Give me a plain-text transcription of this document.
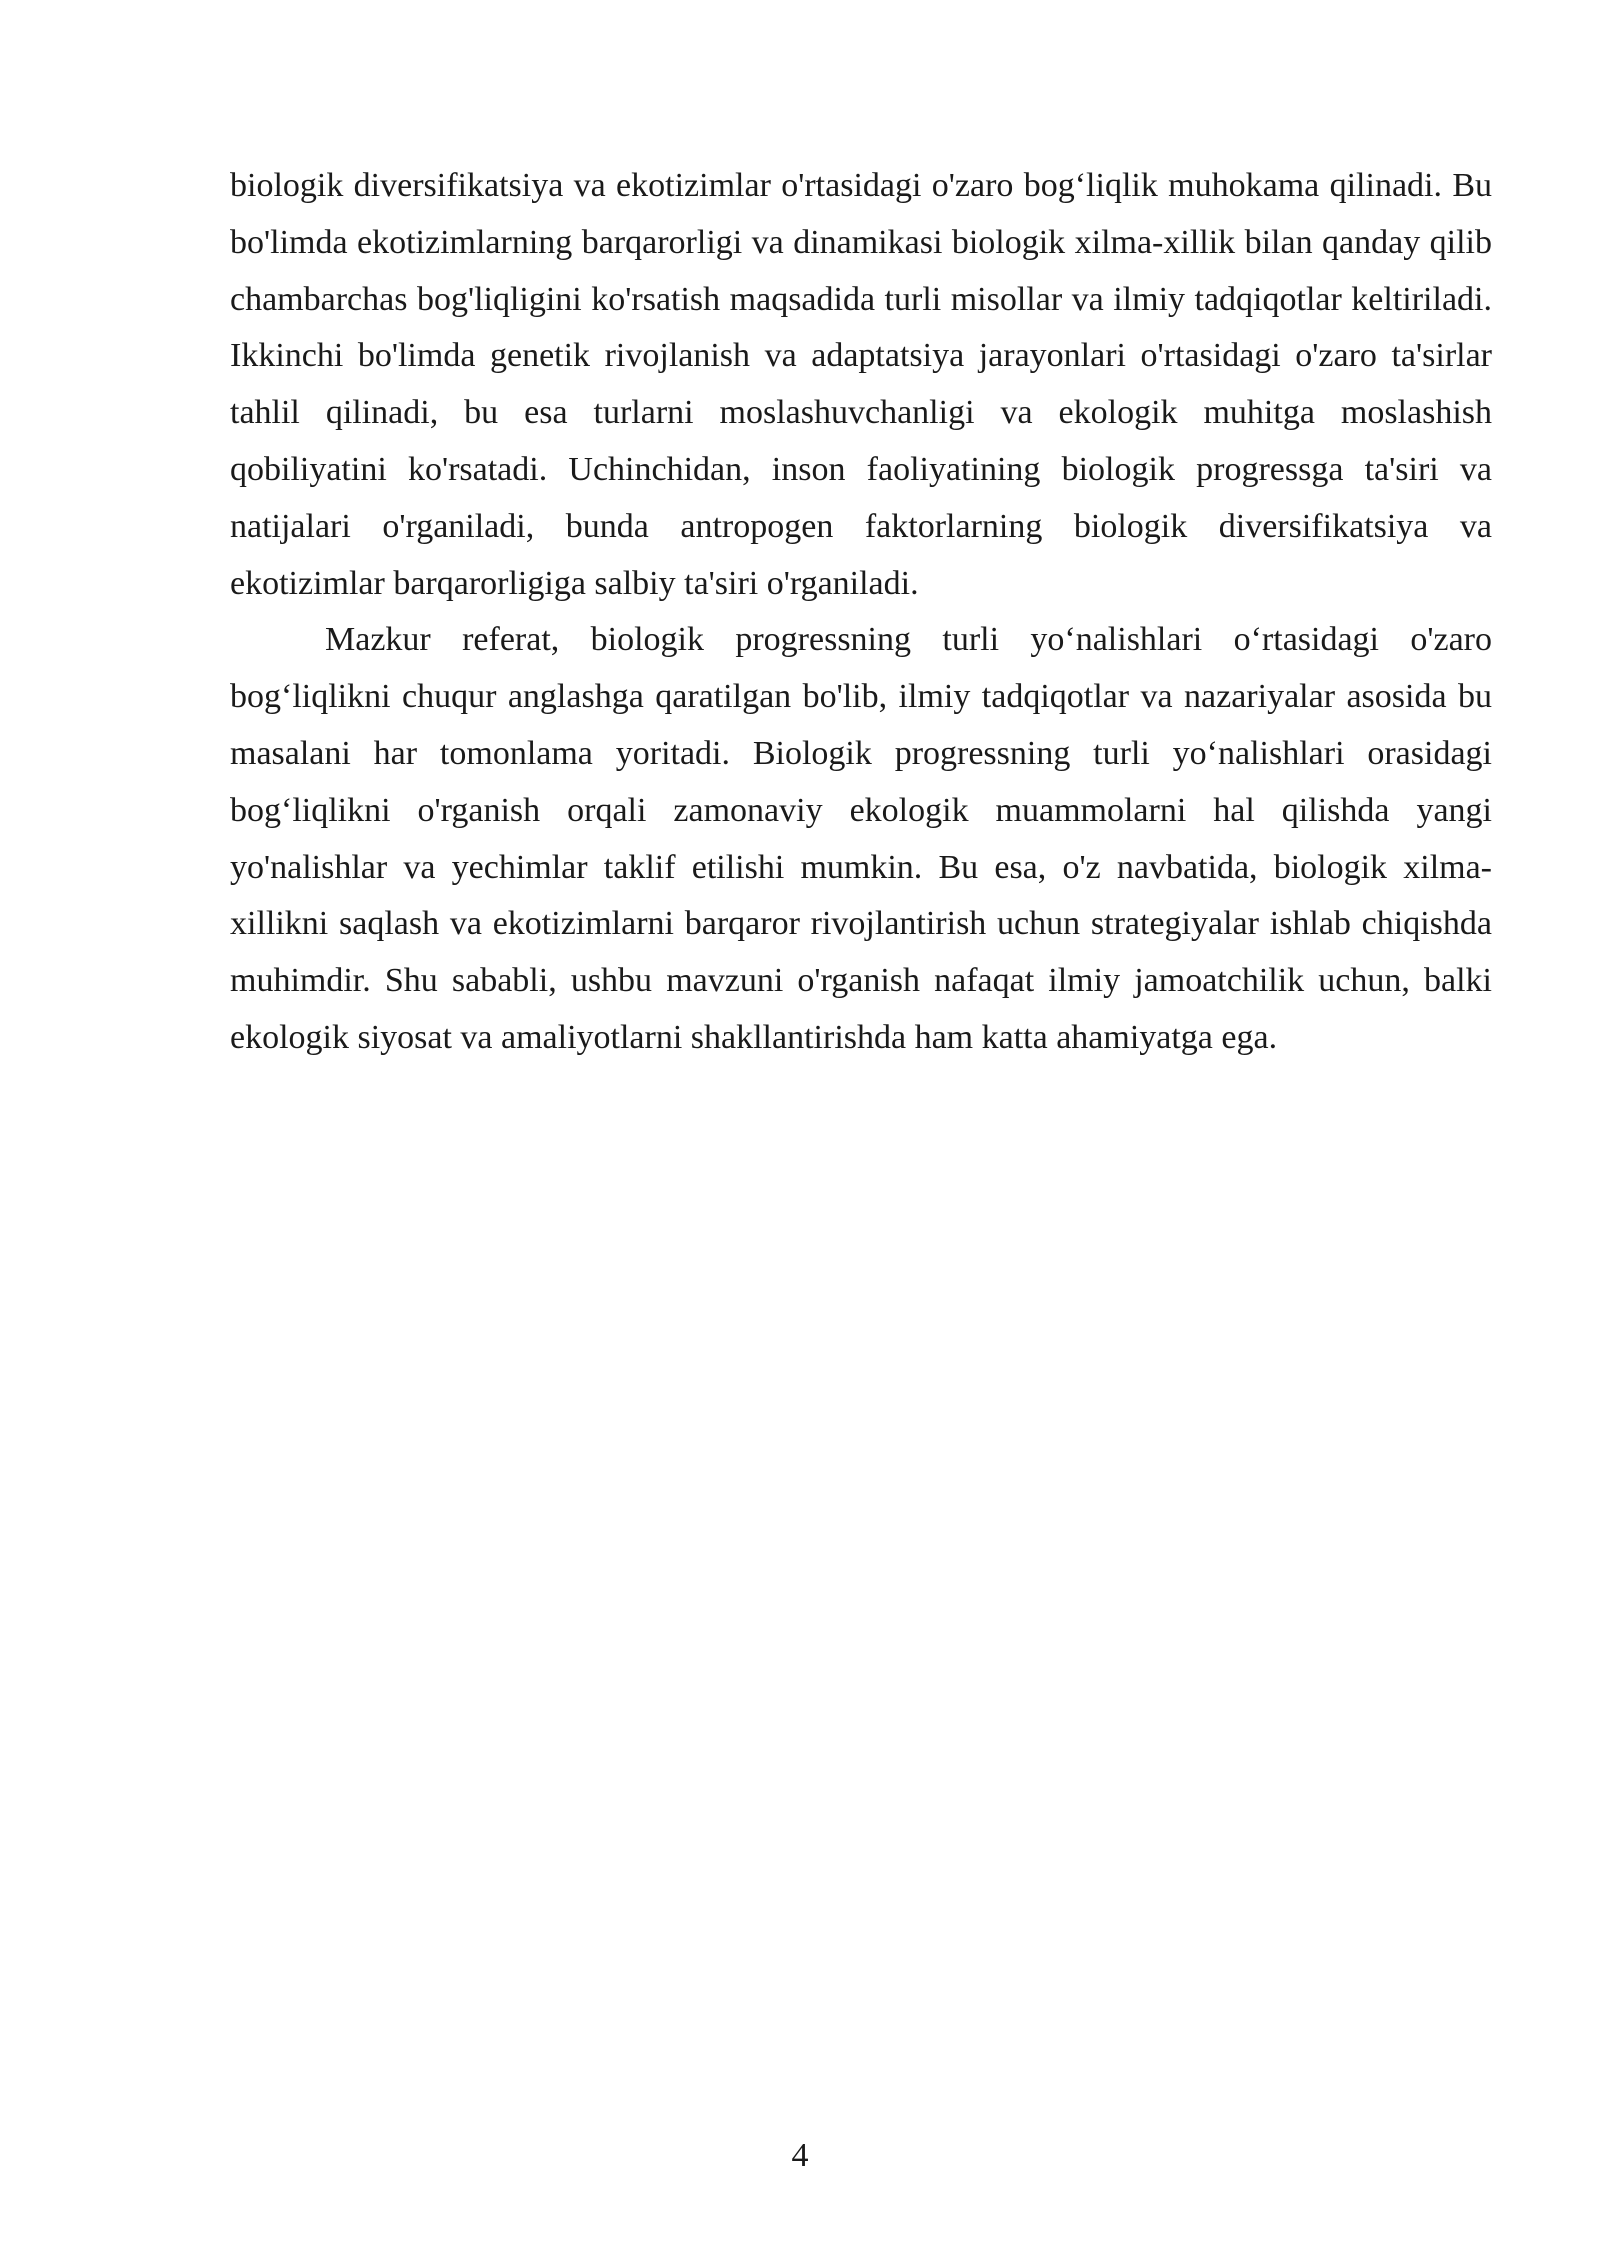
biologik diversifikatsiya va ekotizimlar o'rtasidagi o'zaro bog‘liqlik muhokama qilinadi. Bu bo'limda ekotizimlarning barqarorligi va dinamikasi biologik xilma-xillik bilan qanday qilib chambarchas bog'liqligini ko'rsatish maqsadida turli misollar va ilmiy tadqiqotlar keltiriladi. Ikkinchi bo'limda genetik rivojlanish va adaptatsiya jarayonlari o'rtasidagi o'zaro ta'sirlar tahlil qilinadi, bu esa turlarni moslashuvchanligi va ekologik muhitga moslashish qobiliyatini ko'rsatadi. Uchinchidan, inson faoliyatining biologik progressga ta'siri va natijalari o'rganiladi, bunda antropogen faktorlarning biologik diversifikatsiya va ekotizimlar barqarorligiga salbiy ta'siri o'rganiladi.

Mazkur referat, biologik progressning turli yo‘nalishlari o‘rtasidagi o'zaro bog‘liqlikni chuqur anglashga qaratilgan bo'lib, ilmiy tadqiqotlar va nazariyalar asosida bu masalani har tomonlama yoritadi. Biologik progressning turli yo‘nalishlari orasidagi bog‘liqlikni o'rganish orqali zamonaviy ekologik muammolarni hal qilishda yangi yo'nalishlar va yechimlar taklif etilishi mumkin. Bu esa, o'z navbatida, biologik xilma-xillikni saqlash va ekotizimlarni barqaror rivojlantirish uchun strategiyalar ishlab chiqishda muhimdir. Shu sababli, ushbu mavzuni o'rganish nafaqat ilmiy jamoatchilik uchun, balki ekologik siyosat va amaliyotlarni shakllantirishda ham katta ahamiyatga ega.

4
